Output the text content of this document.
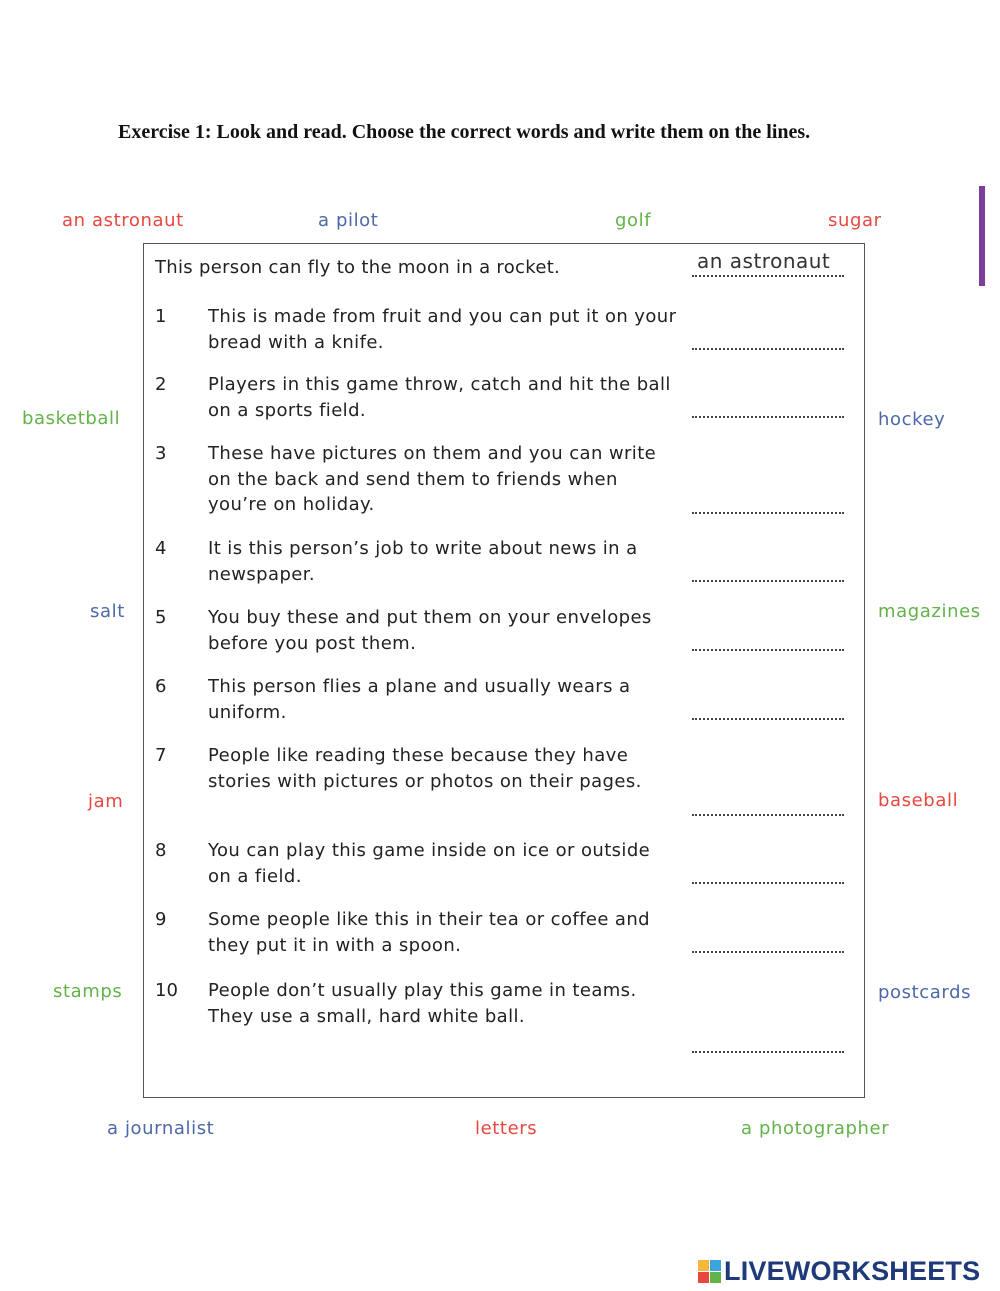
Exercise 1: Look and read. Choose the correct words and write them on the lines.
an astronaut	a pilot	golf	sugar
basketball	hockey
salt	magazines
jam	baseball
stamps	postcards
a journalist	letters	a photographer
This person can fly to the moon in a rocket.	an astronaut
1 This is made from fruit and you can put it on your bread with a knife.
2 Players in this game throw, catch and hit the ball on a sports field.
3 These have pictures on them and you can write on the back and send them to friends when you’re on holiday.
4 It is this person’s job to write about news in a newspaper.
5 You buy these and put them on your envelopes before you post them.
6 This person flies a plane and usually wears a uniform.
7 People like reading these because they have stories with pictures or photos on their pages.
8 You can play this game inside on ice or outside on a field.
9 Some people like this in their tea or coffee and they put it in with a spoon.
10 People don’t usually play this game in teams. They use a small, hard white ball.
LIVEWORKSHEETS
